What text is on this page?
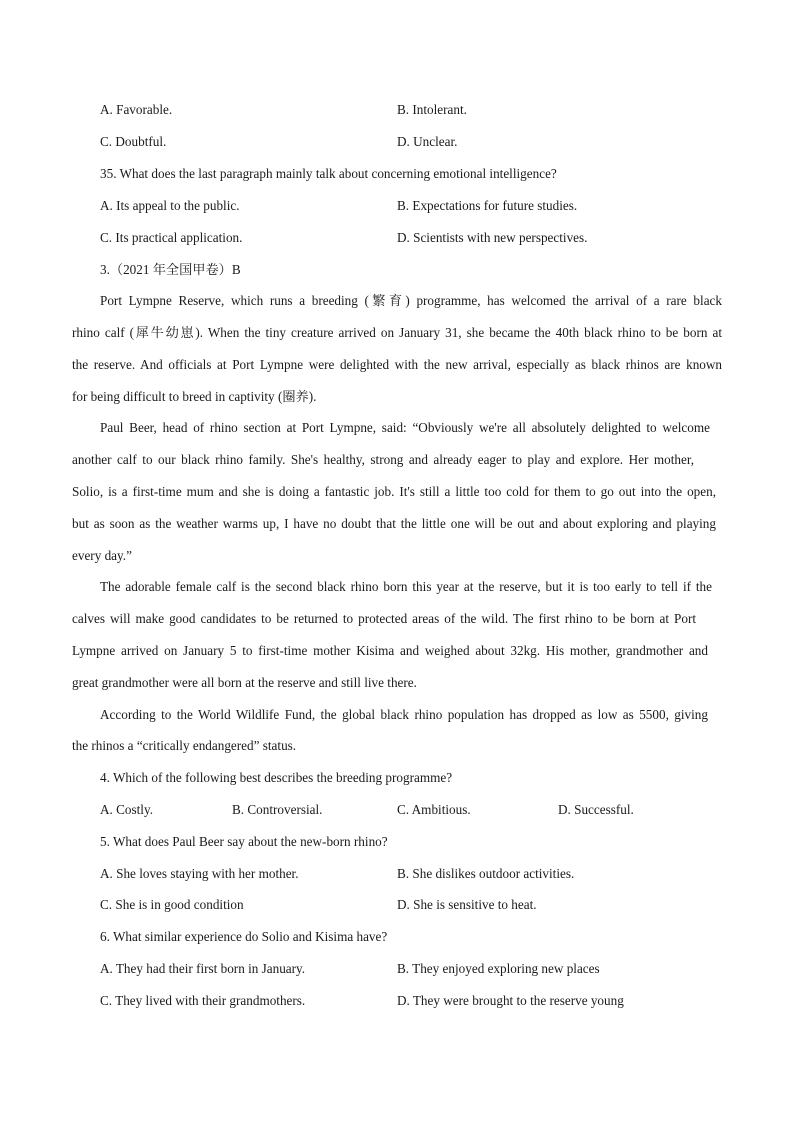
A. Favorable.	B. Intolerant.
C. Doubtful.	D. Unclear.
35. What does the last paragraph mainly talk about concerning emotional intelligence?
A. Its appeal to the public.	B. Expectations for future studies.
C. Its practical application.	D. Scientists with new perspectives.
3.（2021 年全国甲卷）B
Port Lympne Reserve, which runs a breeding (繁育) programme, has welcomed the arrival of a rare black
rhino calf (犀牛幼崽). When the tiny creature arrived on January 31, she became the 40th black rhino to be born at
the reserve. And officials at Port Lympne were delighted with the new arrival, especially as black rhinos are known
for being difficult to breed in captivity (圈养).
Paul Beer, head of rhino section at Port Lympne, said: “Obviously we're all absolutely delighted to welcome
another calf to our black rhino family. She's healthy, strong and already eager to play and explore. Her mother,
Solio, is a first-time mum and she is doing a fantastic job. It's still a little too cold for them to go out into the open,
but as soon as the weather warms up, I have no doubt that the little one will be out and about exploring and playing
every day.”
The adorable female calf is the second black rhino born this year at the reserve, but it is too early to tell if the
calves will make good candidates to be returned to protected areas of the wild. The first rhino to be born at Port
Lympne arrived on January 5 to first-time mother Kisima and weighed about 32kg. His mother, grandmother and
great grandmother were all born at the reserve and still live there.
According to the World Wildlife Fund, the global black rhino population has dropped as low as 5500, giving
the rhinos a “critically endangered” status.
4. Which of the following best describes the breeding programme?
A. Costly.	B. Controversial.	C. Ambitious.	D. Successful.
5. What does Paul Beer say about the new-born rhino?
A. She loves staying with her mother.	B. She dislikes outdoor activities.
C. She is in good condition	D. She is sensitive to heat.
6. What similar experience do Solio and Kisima have?
A. They had their first born in January.	B. They enjoyed exploring new places
C. They lived with their grandmothers.	D. They were brought to the reserve young
